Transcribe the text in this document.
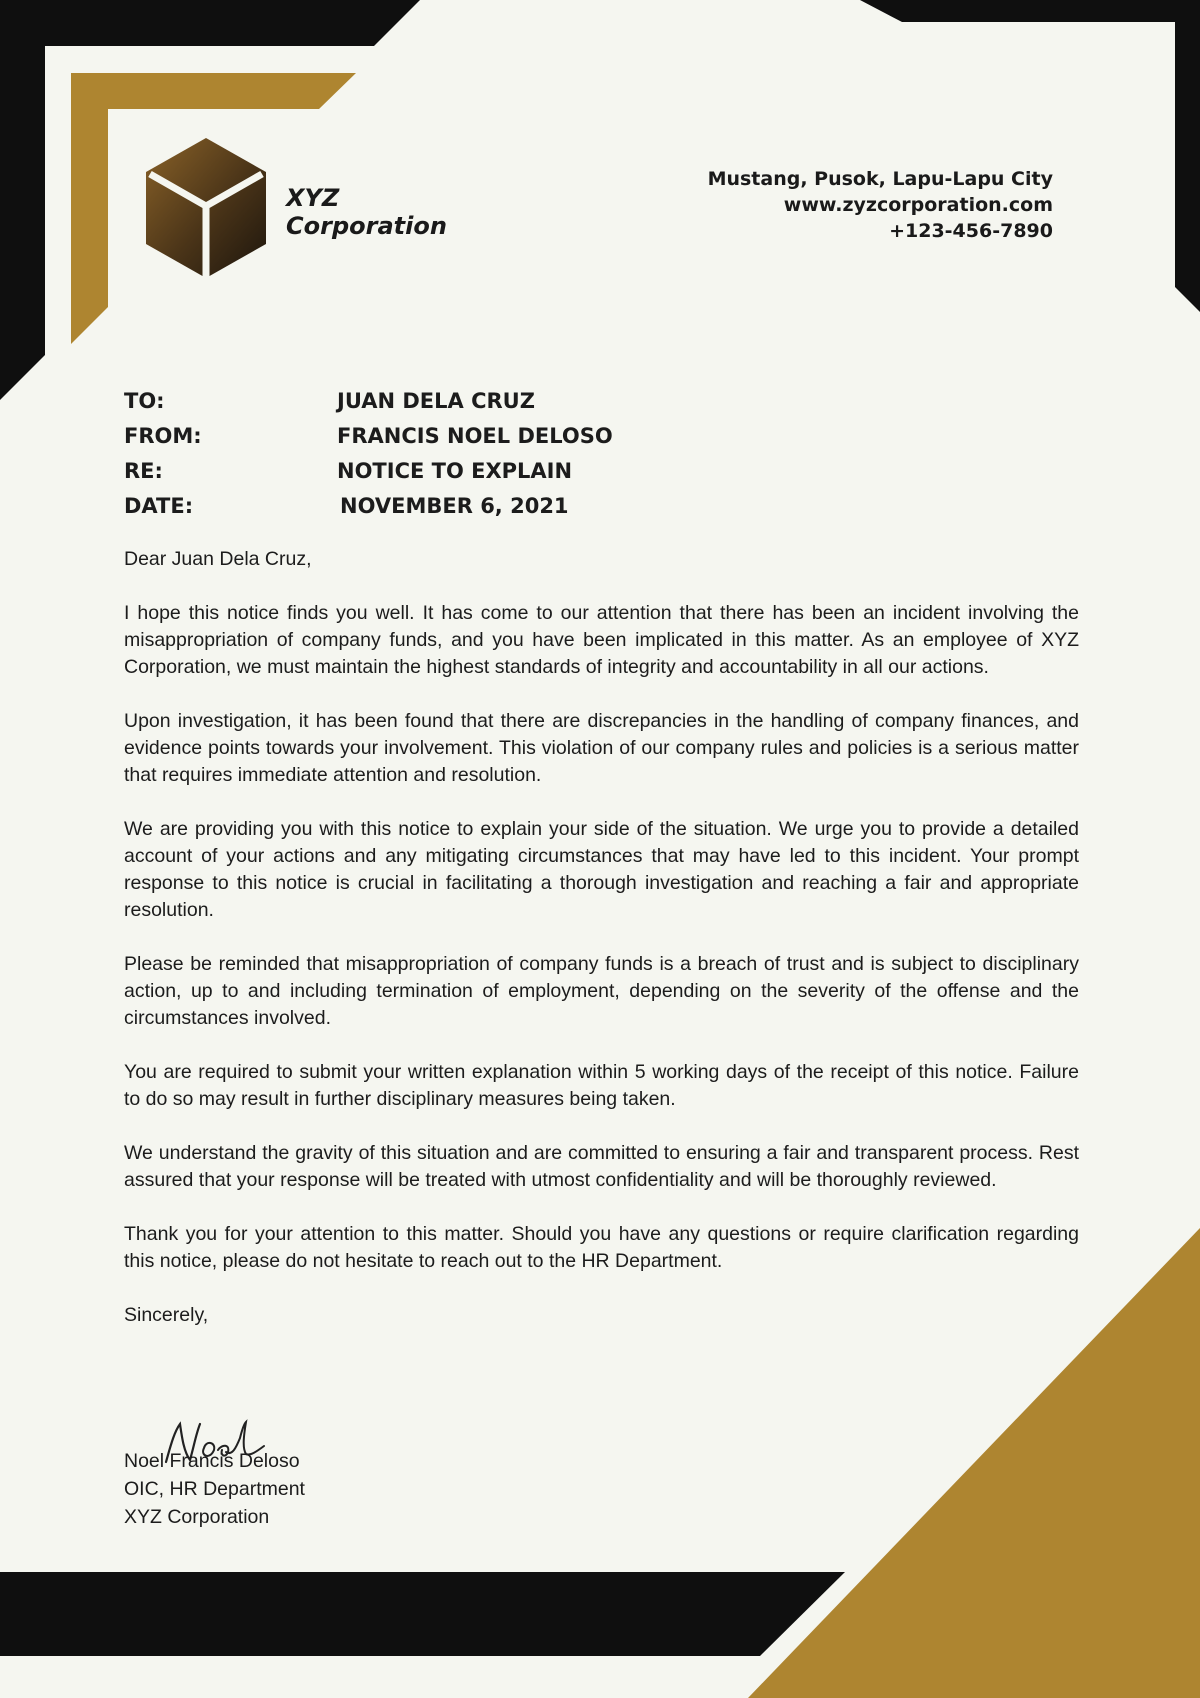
XYZ
Corporation
Mustang, Pusok, Lapu-Lapu City
www.zyzcorporation.com
+123-456-7890
TO:	JUAN DELA CRUZ
FROM:	FRANCIS NOEL DELOSO
RE:	NOTICE TO EXPLAIN
DATE:	NOVEMBER 6, 2021

Dear Juan Dela Cruz,

I hope this notice finds you well. It has come to our attention that there has been an incident involving the misappropriation of company funds, and you have been implicated in this matter. As an employee of XYZ Corporation, we must maintain the highest standards of integrity and accountability in all our actions.

Upon investigation, it has been found that there are discrepancies in the handling of company finances, and evidence points towards your involvement. This violation of our company rules and policies is a serious matter that requires immediate attention and resolution.

We are providing you with this notice to explain your side of the situation. We urge you to provide a detailed account of your actions and any mitigating circumstances that may have led to this incident. Your prompt response to this notice is crucial in facilitating a thorough investigation and reaching a fair and appropriate resolution.

Please be reminded that misappropriation of company funds is a breach of trust and is subject to disciplinary action, up to and including termination of employment, depending on the severity of the offense and the circumstances involved.

You are required to submit your written explanation within 5 working days of the receipt of this notice. Failure to do so may result in further disciplinary measures being taken.

We understand the gravity of this situation and are committed to ensuring a fair and transparent process. Rest assured that your response will be treated with utmost confidentiality and will be thoroughly reviewed.

Thank you for your attention to this matter. Should you have any questions or require clarification regarding this notice, please do not hesitate to reach out to the HR Department.

Sincerely,

Noel Francis Deloso
OIC, HR Department
XYZ Corporation
